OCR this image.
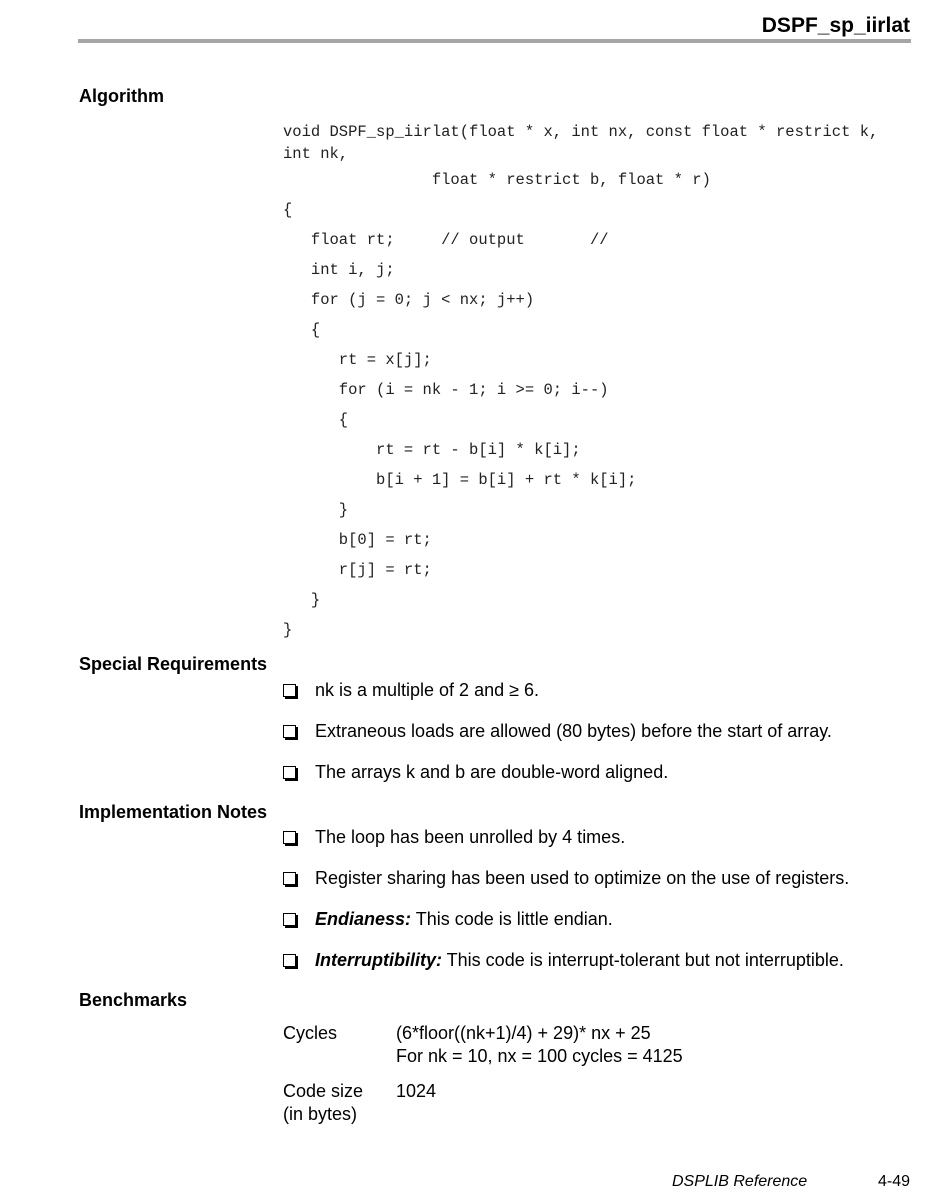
DSPF_sp_iirlat
Algorithm
void DSPF_sp_iirlat(float * x, int nx, const float * restrict k, int nk,
float * restrict b, float * r)
{
float rt;     // output       //
int i, j;
for (j = 0; j < nx; j++)
{
rt = x[j];
for (i = nk - 1; i >= 0; i--)
{
rt = rt - b[i] * k[i];
b[i + 1] = b[i] + rt * k[i];
}
b[0] = rt;
r[j] = rt;
}
}
Special Requirements
nk is a multiple of 2 and ≥ 6.
Extraneous loads are allowed (80 bytes) before the start of array.
The arrays k and b are double-word aligned.
Implementation Notes
The loop has been unrolled by 4 times.
Register sharing has been used to optimize on the use of registers.
Endianess: This code is little endian.
Interruptibility: This code is interrupt-tolerant but not interruptible.
Benchmarks
Cycles	(6*floor((nk+1)/4) + 29)* nx + 25
For nk = 10, nx = 100 cycles = 4125
Code size
(in bytes)
1024
DSPLIB Reference	4-49
